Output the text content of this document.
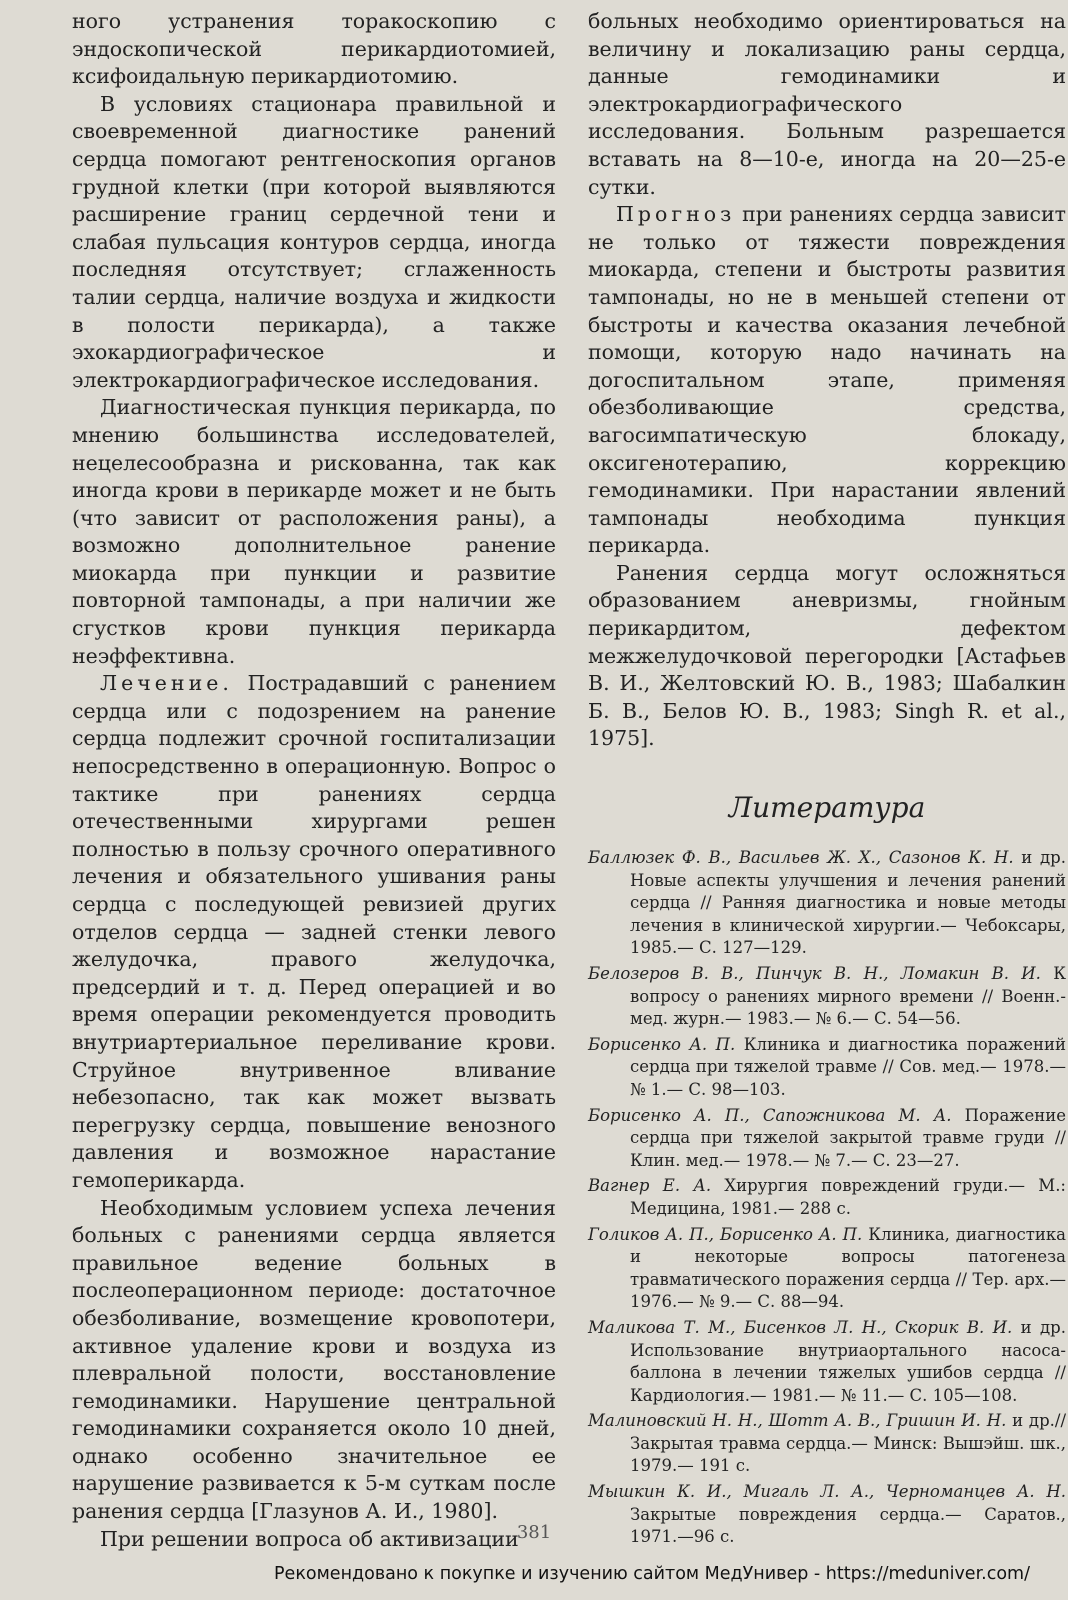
ного устранения торакоскопию с эндоскопической перикардиотомией, ксифоидальную перикардиотомию.

В условиях стационара правильной и своевременной диагностике ранений сердца помогают рентгеноскопия органов грудной клетки (при которой выявляются расширение границ сердечной тени и слабая пульсация контуров сердца, иногда последняя отсутствует; сглаженность талии сердца, наличие воздуха и жидкости в полости перикарда), а также эхокардиографическое и электрокардиографическое исследования.

Диагностическая пункция перикарда, по мнению большинства исследователей, нецелесообразна и рискованна, так как иногда крови в перикарде может и не быть (что зависит от расположения раны), а возможно дополнительное ранение миокарда при пункции и развитие повторной тампонады, а при наличии же сгустков крови пункция перикарда неэффективна.

Лечение. Пострадавший с ранением сердца или с подозрением на ранение сердца подлежит срочной госпитализации непосредственно в операционную. Вопрос о тактике при ранениях сердца отечественными хирургами решен полностью в пользу срочного оперативного лечения и обязательного ушивания раны сердца с последующей ревизией других отделов сердца — задней стенки левого желудочка, правого желудочка, предсердий и т. д. Перед операцией и во время операции рекомендуется проводить внутриартериальное переливание крови. Струйное внутривенное вливание небезопасно, так как может вызвать перегрузку сердца, повышение венозного давления и возможное нарастание гемоперикарда.

Необходимым условием успеха лечения больных с ранениями сердца является правильное ведение больных в послеоперационном периоде: достаточное обезболивание, возмещение кровопотери, активное удаление крови и воздуха из плевральной полости, восстановление гемодинамики. Нарушение центральной гемодинамики сохраняется около 10 дней, однако особенно значительное ее нарушение развивается к 5-м суткам после ранения сердца [Глазунов А. И., 1980].

При решении вопроса об активизации

больных необходимо ориентироваться на величину и локализацию раны сердца, данные гемодинамики и электрокардиографического исследования. Больным разрешается вставать на 8—10-е, иногда на 20—25-е сутки.

Прогноз при ранениях сердца зависит не только от тяжести повреждения миокарда, степени и быстроты развития тампонады, но не в меньшей степени от быстроты и качества оказания лечебной помощи, которую надо начинать на догоспитальном этапе, применяя обезболивающие средства, вагосимпатическую блокаду, оксигенотерапию, коррекцию гемодинамики. При нарастании явлений тампонады необходима пункция перикарда.

Ранения сердца могут осложняться образованием аневризмы, гнойным перикардитом, дефектом межжелудочковой перегородки [Астафьев В. И., Желтовский Ю. В., 1983; Шабалкин Б. В., Белов Ю. В., 1983; Singh R. et al., 1975].

Литература

Баллюзек Ф. В., Васильев Ж. Х., Сазонов К. Н. и др. Новые аспекты улучшения и лечения ранений сердца // Ранняя диагностика и новые методы лечения в клинической хирургии.— Чебоксары, 1985.— С. 127—129.

Белозеров В. В., Пинчук В. Н., Ломакин В. И. К вопросу о ранениях мирного времени // Военн.-мед. журн.— 1983.— № 6.— С. 54—56.

Борисенко А. П. Клиника и диагностика поражений сердца при тяжелой травме // Сов. мед.— 1978.— № 1.— С. 98—103.

Борисенко А. П., Сапожникова М. А. Поражение сердца при тяжелой закрытой травме груди // Клин. мед.— 1978.— № 7.— С. 23—27.

Вагнер Е. А. Хирургия повреждений груди.— М.: Медицина, 1981.— 288 с.

Голиков А. П., Борисенко А. П. Клиника, диагностика и некоторые вопросы патогенеза травматического поражения сердца // Тер. арх.— 1976.— № 9.— С. 88—94.

Маликова Т. М., Бисенков Л. Н., Скорик В. И. и др. Использование внутриаортального насоса-баллона в лечении тяжелых ушибов сердца // Кардиология.— 1981.— № 11.— С. 105—108.

Малиновский Н. Н., Шотт А. В., Гришин И. Н. и др.// Закрытая травма сердца.— Минск: Вышэйш. шк., 1979.— 191 с.

Мышкин К. И., Мигаль Л. А., Черноманцев А. Н. Закрытые повреждения сердца.— Саратов., 1971.—96 с.

381
Рекомендовано к покупке и изучению сайтом МедУнивер - https://meduniver.com/
